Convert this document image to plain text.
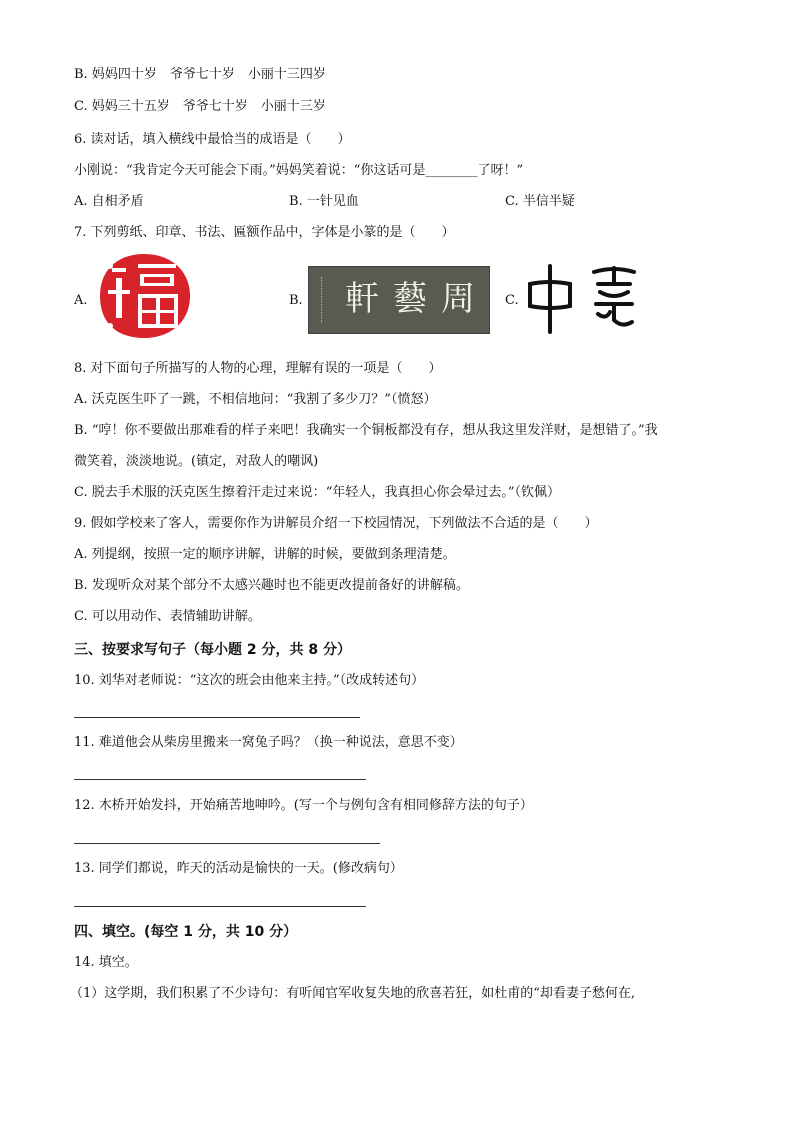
B. 妈妈四十岁　爷爷七十岁　小丽十三四岁
C. 妈妈三十五岁　爷爷七十岁　小丽十三岁
6. 读对话，填入横线中最恰当的成语是（　　）
小刚说：“我肯定今天可能会下雨。”妈妈笑着说：“你这话可是________了呀！”
A. 自相矛盾	B. 一针见血	C. 半信半疑
7. 下列剪纸、印章、书法、匾额作品中，字体是小篆的是（　　）
A.	B. 軒藝周 C.
8. 对下面句子所描写的人物的心理，理解有误的一项是（　　）
A. 沃克医生吓了一跳，不相信地问：“我割了多少刀？”（愤怒）
B. “哼！你不要做出那难看的样子来吧！我确实一个铜板都没有存，想从我这里发洋财，是想错了。”我
微笑着，淡淡地说。(镇定，对敌人的嘲讽)
C. 脱去手术服的沃克医生擦着汗走过来说：“年轻人，我真担心你会晕过去。”（钦佩）
9. 假如学校来了客人，需要你作为讲解员介绍一下校园情况，下列做法不合适的是（　　）
A. 列提纲，按照一定的顺序讲解，讲解的时候，要做到条理清楚。
B. 发现听众对某个部分不太感兴趣时也不能更改提前备好的讲解稿。
C. 可以用动作、表情辅助讲解。
三、按要求写句子（每小题 2 分，共 8 分）
10. 刘华对老师说：“这次的班会由他来主持。”（改成转述句）
11. 难道他会从柴房里搬来一窝兔子吗？（换一种说法，意思不变）
12. 木桥开始发抖，开始痛苦地呻吟。(写一个与例句含有相同修辞方法的句子）
13. 同学们都说，昨天的活动是愉快的一天。(修改病句）
四、填空。(每空 1 分，共 10 分）
14. 填空。
（1）这学期，我们积累了不少诗句：有听闻官军收复失地的欣喜若狂，如杜甫的“却看妻子愁何在,
